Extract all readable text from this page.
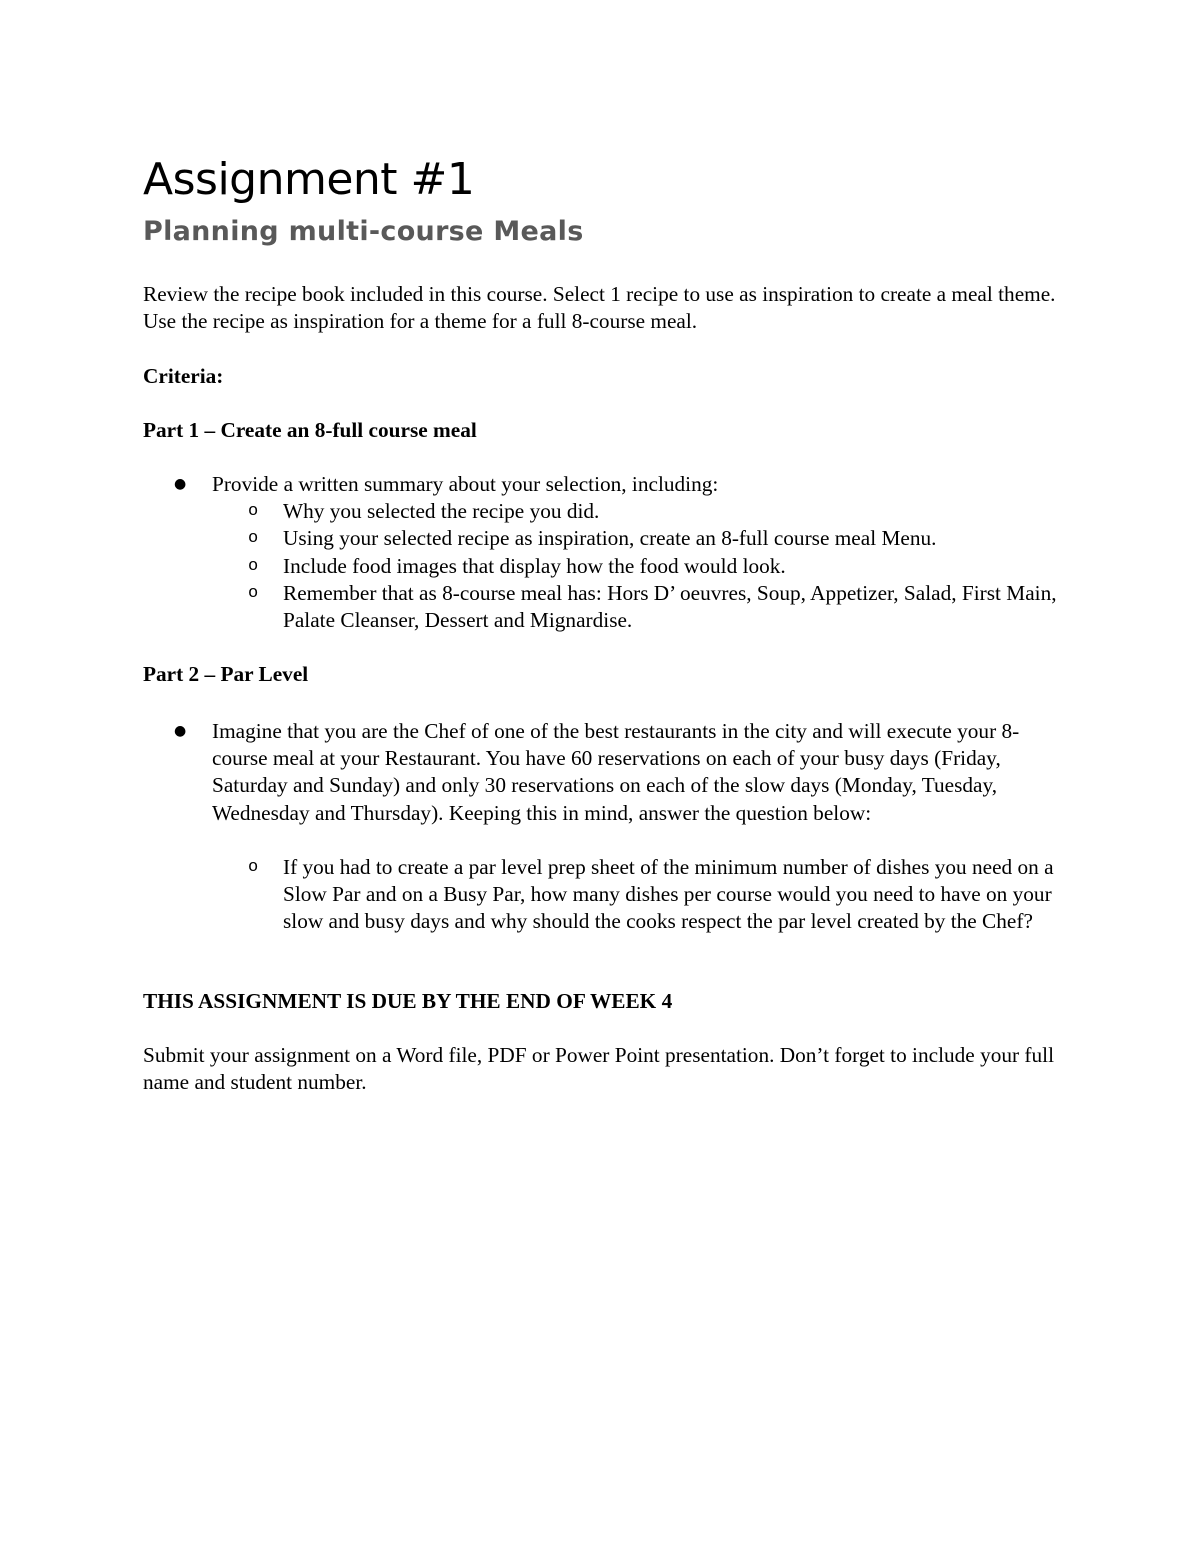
Assignment #1
Planning multi-course Meals

Review the recipe book included in this course. Select 1 recipe to use as inspiration to create a meal theme. Use the recipe as inspiration for a theme for a full 8-course meal.

Criteria:

Part 1 – Create an 8-full course meal

● Provide a written summary about your selection, including:
o Why you selected the recipe you did.
o Using your selected recipe as inspiration, create an 8-full course meal Menu.
o Include food images that display how the food would look.
o Remember that as 8-course meal has: Hors D’ oeuvres, Soup, Appetizer, Salad, First Main, Palate Cleanser, Dessert and Mignardise.

Part 2 – Par Level

● Imagine that you are the Chef of one of the best restaurants in the city and will execute your 8-course meal at your Restaurant. You have 60 reservations on each of your busy days (Friday, Saturday and Sunday) and only 30 reservations on each of the slow days (Monday, Tuesday, Wednesday and Thursday). Keeping this in mind, answer the question below:
o If you had to create a par level prep sheet of the minimum number of dishes you need on a Slow Par and on a Busy Par, how many dishes per course would you need to have on your slow and busy days and why should the cooks respect the par level created by the Chef?

THIS ASSIGNMENT IS DUE BY THE END OF WEEK 4

Submit your assignment on a Word file, PDF or Power Point presentation. Don’t forget to include your full name and student number.
